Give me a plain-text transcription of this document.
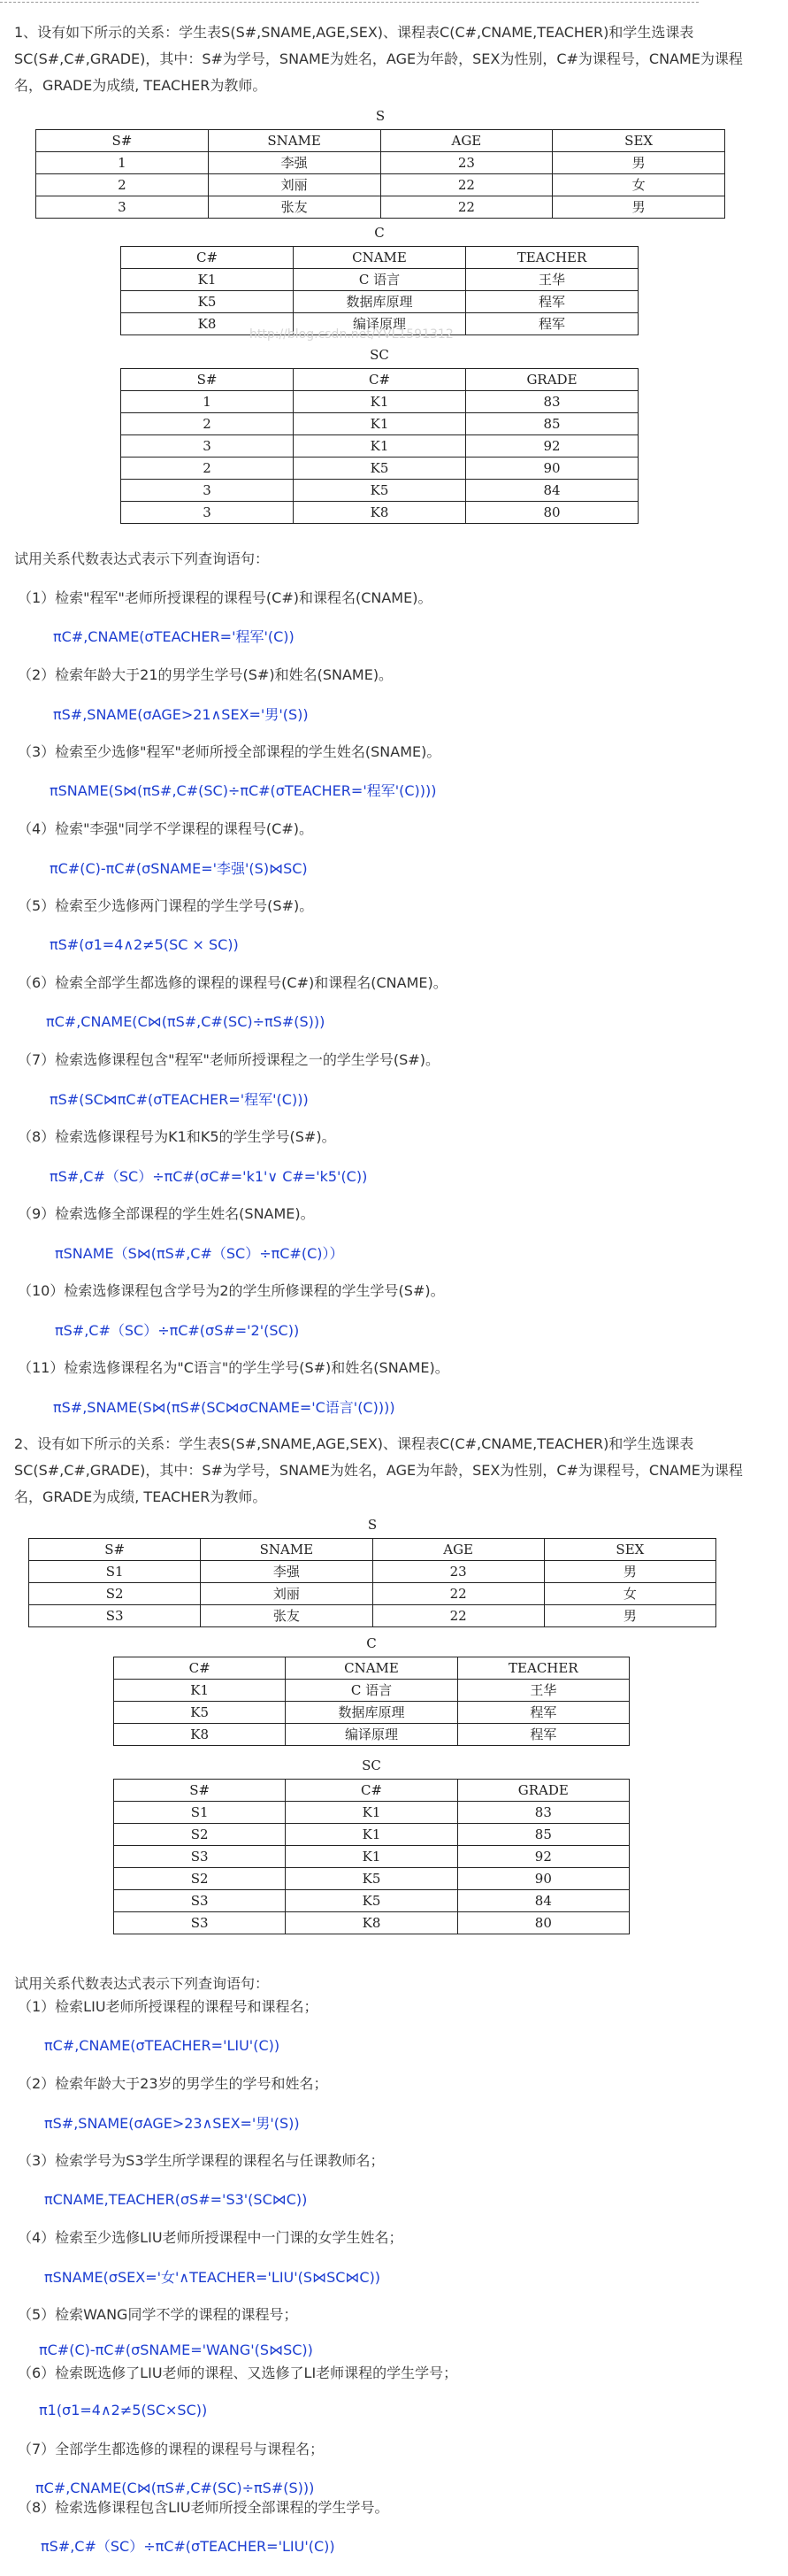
1、设有如下所示的关系：学生表S(S#,SNAME,AGE,SEX)、课程表C(C#,CNAME,TEACHER)和学生选课表SC(S#,C#,GRADE)，其中：S#为学号，SNAME为姓名，AGE为年龄，SEX为性别，C#为课程号，CNAME为课程名，GRADE为成绩, TEACHER为教师。
S
S#	SNAME	AGE	SEX
1	李强	23	男
2	刘丽	22	女
3	张友	22	男
C
C#	CNAME	TEACHER
K1	C 语言	王华
K5	数据库原理	程军
K8	编译原理	程军
http://blog.csdn.net/YVL1591312
SC
S#	C#	GRADE
1	K1	83
2	K1	85
3	K1	92
2	K5	90
3	K5	84
3	K8	80
试用关系代数表达式表示下列查询语句：
（1）检索"程军"老师所授课程的课程号(C#)和课程名(CNAME)。
πC#,CNAME(σTEACHER='程军'(C))
（2）检索年龄大于21的男学生学号(S#)和姓名(SNAME)。
πS#,SNAME(σAGE>21∧SEX='男'(S))
（3）检索至少选修"程军"老师所授全部课程的学生姓名(SNAME)。
πSNAME(S⋈(πS#,C#(SC)÷πC#(σTEACHER='程军'(C))))
（4）检索"李强"同学不学课程的课程号(C#)。
πC#(C)-πC#(σSNAME='李强'(S)⋈SC)
（5）检索至少选修两门课程的学生学号(S#)。
πS#(σ1=4∧2≠5(SC × SC))
（6）检索全部学生都选修的课程的课程号(C#)和课程名(CNAME)。
πC#,CNAME(C⋈(πS#,C#(SC)÷πS#(S)))
（7）检索选修课程包含"程军"老师所授课程之一的学生学号(S#)。
πS#(SC⋈πC#(σTEACHER='程军'(C)))
（8）检索选修课程号为K1和K5的学生学号(S#)。
πS#,C#（SC）÷πC#(σC#='k1'∨ C#='k5'(C))
（9）检索选修全部课程的学生姓名(SNAME)。
πSNAME（S⋈(πS#,C#（SC）÷πC#(C)））
（10）检索选修课程包含学号为2的学生所修课程的学生学号(S#)。
πS#,C#（SC）÷πC#(σS#='2'(SC))
（11）检索选修课程名为"C语言"的学生学号(S#)和姓名(SNAME)。
πS#,SNAME(S⋈(πS#(SC⋈σCNAME='C语言'(C))))
2、设有如下所示的关系：学生表S(S#,SNAME,AGE,SEX)、课程表C(C#,CNAME,TEACHER)和学生选课表SC(S#,C#,GRADE)，其中：S#为学号，SNAME为姓名，AGE为年龄，SEX为性别，C#为课程号，CNAME为课程名，GRADE为成绩, TEACHER为教师。
S
S#	SNAME	AGE	SEX
S1	李强	23	男
S2	刘丽	22	女
S3	张友	22	男
C
C#	CNAME	TEACHER
K1	C 语言	王华
K5	数据库原理	程军
K8	编译原理	程军
SC
S#	C#	GRADE
S1	K1	83
S2	K1	85
S3	K1	92
S2	K5	90
S3	K5	84
S3	K8	80
试用关系代数表达式表示下列查询语句：
（1）检索LIU老师所授课程的课程号和课程名；
πC#,CNAME(σTEACHER='LIU'(C))
（2）检索年龄大于23岁的男学生的学号和姓名；
πS#,SNAME(σAGE>23∧SEX='男'(S))
（3）检索学号为S3学生所学课程的课程名与任课教师名；
πCNAME,TEACHER(σS#='S3'(SC⋈C))
（4）检索至少选修LIU老师所授课程中一门课的女学生姓名；
πSNAME(σSEX='女'∧TEACHER='LIU'(S⋈SC⋈C))
（5）检索WANG同学不学的课程的课程号；
πC#(C)-πC#(σSNAME='WANG'(S⋈SC))
（6）检索既选修了LIU老师的课程、又选修了LI老师课程的学生学号；
π1(σ1=4∧2≠5(SC×SC))
（7）全部学生都选修的课程的课程号与课程名；
πC#,CNAME(C⋈(πS#,C#(SC)÷πS#(S)))
（8）检索选修课程包含LIU老师所授全部课程的学生学号。
πS#,C#（SC）÷πC#(σTEACHER='LIU'(C))
